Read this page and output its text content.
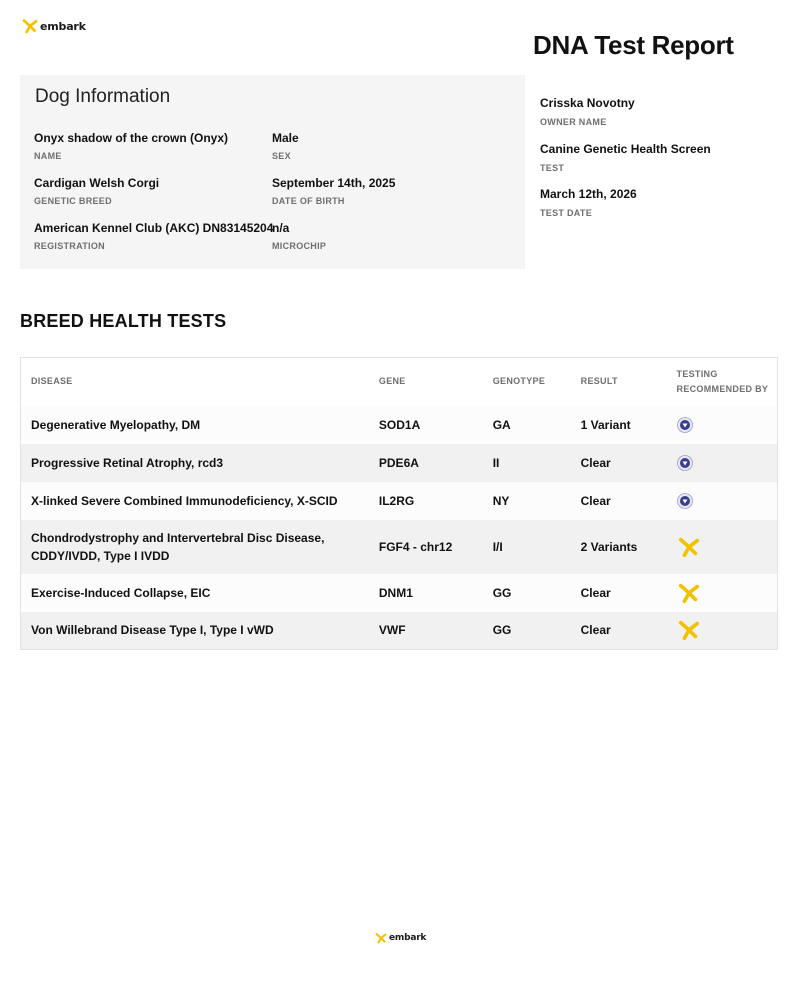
embark
DNA Test Report
Dog Information
Onyx shadow of the crown (Onyx)
NAME
Male
SEX
Cardigan Welsh Corgi
GENETIC BREED
September 14th, 2025
DATE OF BIRTH
American Kennel Club (AKC) DN83145204
REGISTRATION
n/a
MICROCHIP
Crisska Novotny
OWNER NAME
Canine Genetic Health Screen
TEST
March 12th, 2026
TEST DATE
BREED HEALTH TESTS
DISEASE	GENE	GENOTYPE	RESULT	TESTING
RECOMMENDED BY
Degenerative Myelopathy, DM	SOD1A	GA	1 Variant	
Progressive Retinal Atrophy, rcd3	PDE6A	II	Clear	
X-linked Severe Combined Immunodeficiency, X-SCID	IL2RG	NY	Clear	
Chondrodystrophy and Intervertebral Disc Disease,
CDDY/IVDD, Type I IVDD	FGF4 - chr12	I/I	2 Variants	
Exercise-Induced Collapse, EIC	DNM1	GG	Clear	
Von Willebrand Disease Type I, Type I vWD	VWF	GG	Clear	
embark
